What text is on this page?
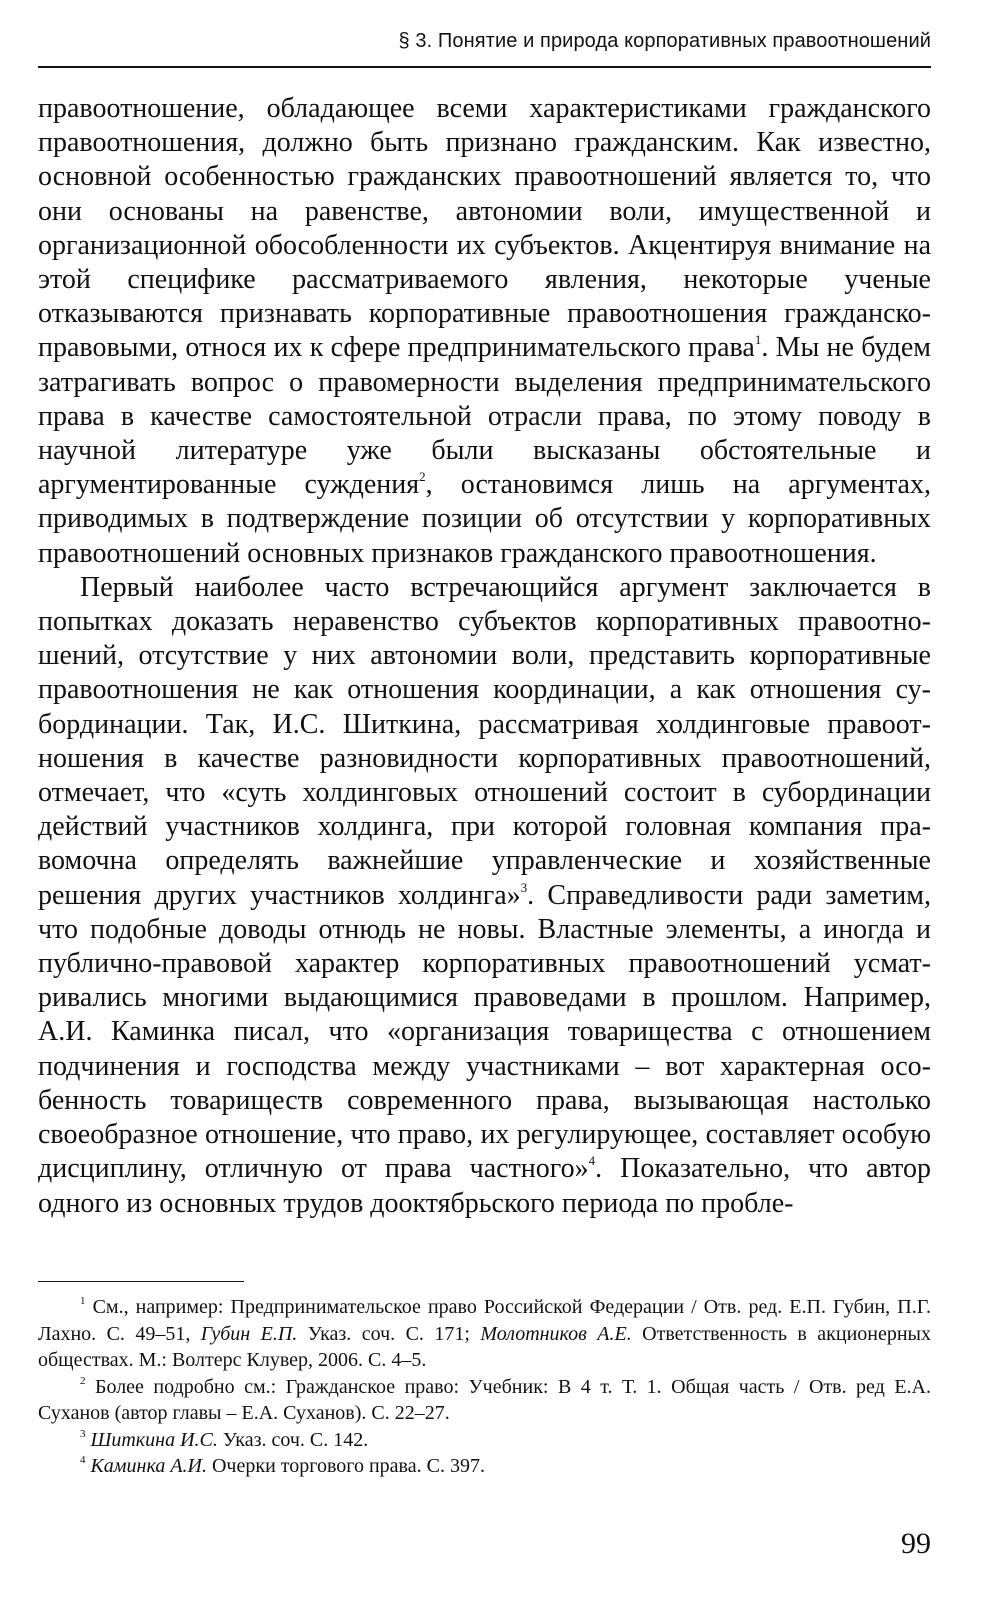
§ 3. Понятие и природа корпоративных правоотношений

правоотношение, обладающее всеми характеристиками гражданского правоотношения, должно быть признано гражданским. Как известно, основной особенностью гражданских правоотношений является то, что они основаны на равенстве, автономии воли, имущественной и организационной обособленности их субъектов. Акцентируя внимание на этой специфике рассматриваемого явления, некоторые ученые отказываются признавать корпоративные правоотношения гражданско-правовыми, относя их к сфере предпринимательского права$^1$. Мы не будем затрагивать вопрос о правомерности выделения предпринимательского права в качестве самостоятельной отрасли права, по этому поводу в научной литературе уже были высказаны обстоятельные и аргументированные суждения$^2$, остановимся лишь на аргументах, приводимых в подтверждение позиции об отсутствии у корпоративных правоотношений основных признаков гражданского правоотношения.

Первый наиболее часто встречающийся аргумент заключается в попытках доказать неравенство субъектов корпоративных правоотношений, отсутствие у них автономии воли, представить корпоративные правоотношения не как отношения координации, а как отношения субординации. Так, И.С. Шиткина, рассматривая холдинговые правоотношения в качестве разновидности корпоративных правоотношений, отмечает, что «суть холдинговых отношений состоит в субординации действий участников холдинга, при которой головная компания правомочна определять важнейшие управленческие и хозяйственные решения других участников холдинга»$^3$. Справедливости ради заметим, что подобные доводы отнюдь не новы. Властные элементы, а иногда и публично-правовой характер корпоративных правоотношений усматривались многими выдающимися правоведами в прошлом. Например, А.И. Каминка писал, что «организация товарищества с отношением подчинения и господства между участниками – вот характерная особенность товариществ современного права, вызывающая настолько своеобразное отношение, что право, их регулирующее, составляет особую дисциплину, отличную от права частного»$^4$. Показательно, что автор одного из основных трудов дооктябрьского периода по пробле-

$^1$ См., например: Предпринимательское право Российской Федерации / Отв. ред. Е.П. Губин, П.Г. Лахно. С. 49–51, Губин Е.П. Указ. соч. С. 171; Молотников А.Е. Ответственность в акционерных обществах. М.: Волтерс Клувер, 2006. С. 4–5.

$^2$ Более подробно см.: Гражданское право: Учебник: В 4 т. Т. 1. Общая часть / Отв. ред Е.А. Суханов (автор главы – Е.А. Суханов). С. 22–27.

$^3$ Шиткина И.С. Указ. соч. С. 142.

$^4$ Каминка А.И. Очерки торгового права. С. 397.

99
